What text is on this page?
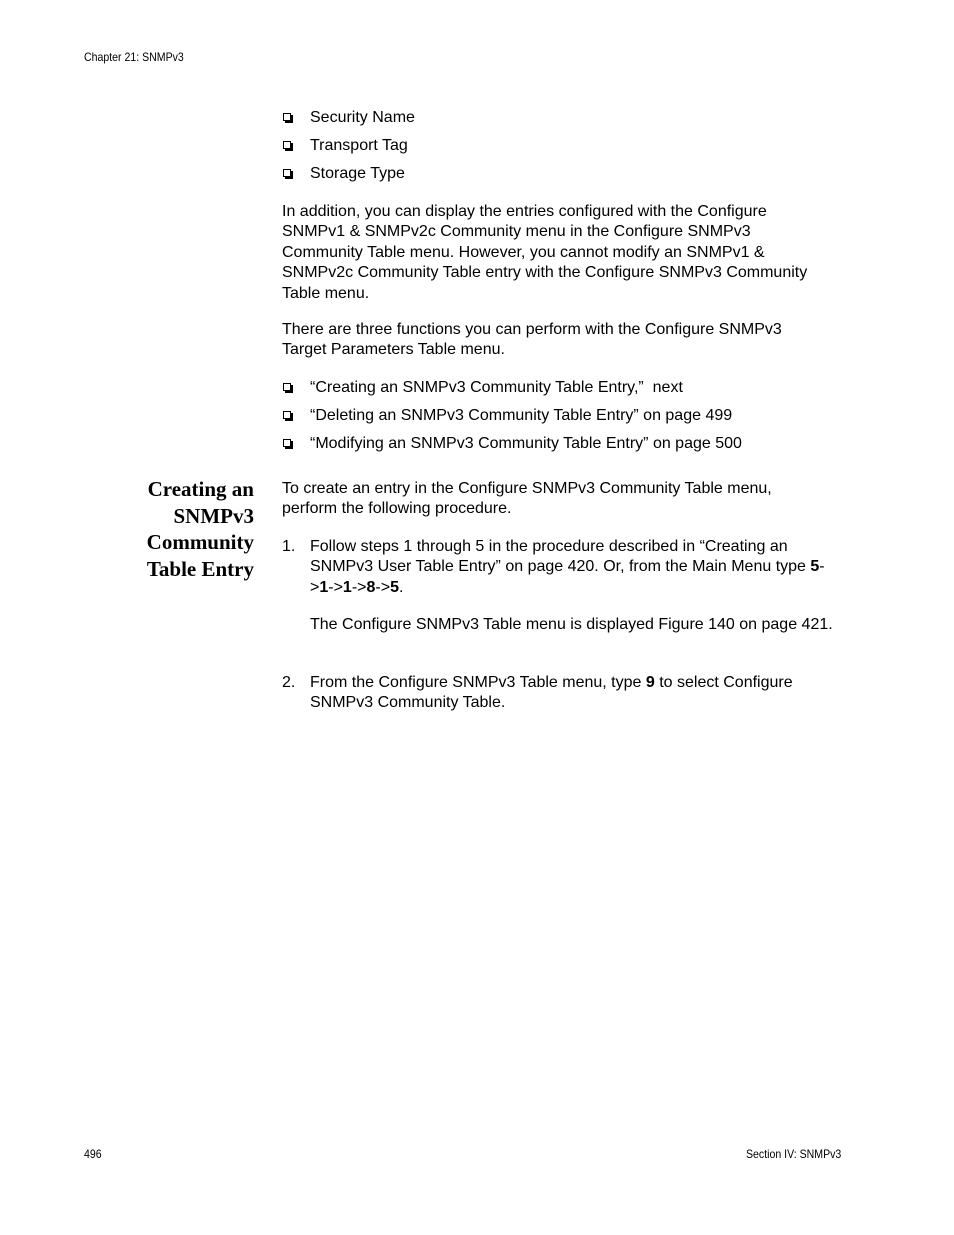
Chapter 21: SNMPv3
Security Name
Transport Tag
Storage Type

In addition, you can display the entries configured with the Configure SNMPv1 & SNMPv2c Community menu in the Configure SNMPv3 Community Table menu. However, you cannot modify an SNMPv1 & SNMPv2c Community Table entry with the Configure SNMPv3 Community Table menu.

There are three functions you can perform with the Configure SNMPv3 Target Parameters Table menu.

“Creating an SNMPv3 Community Table Entry,”  next
“Deleting an SNMPv3 Community Table Entry” on page 499
“Modifying an SNMPv3 Community Table Entry” on page 500
Creating an
SNMPv3
Community
Table Entry

To create an entry in the Configure SNMPv3 Community Table menu, perform the following procedure.

1. Follow steps 1 through 5 in the procedure described in “Creating an SNMPv3 User Table Entry” on page 420. Or, from the Main Menu type 5->1->1->8->5.

The Configure SNMPv3 Table menu is displayed Figure 140 on page 421.

2. From the Configure SNMPv3 Table menu, type 9 to select Configure SNMPv3 Community Table.
496	Section IV: SNMPv3
